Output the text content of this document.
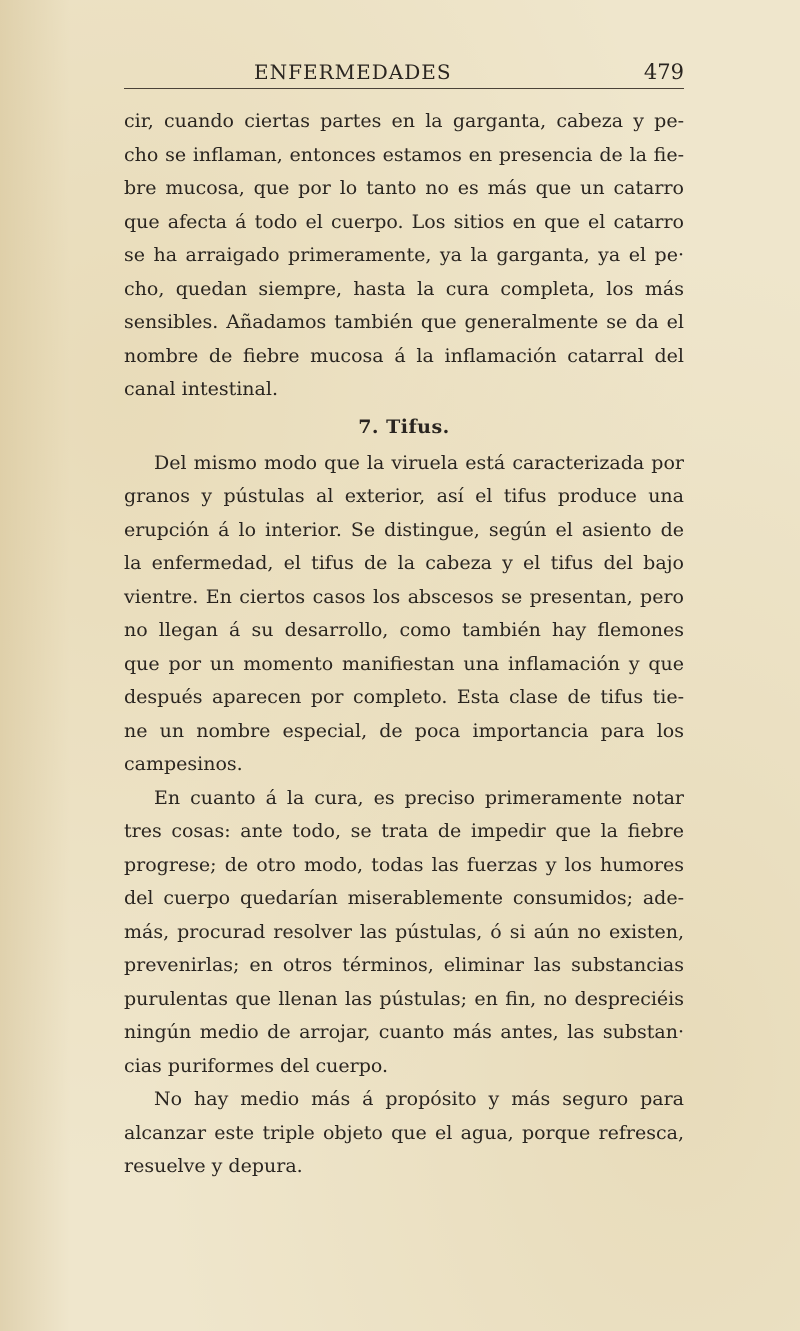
ENFERMEDADES	479
cir, cuando ciertas partes en la garganta, cabeza y pe-
cho se inflaman, entonces estamos en presencia de la fie-
bre mucosa, que por lo tanto no es más que un catarro
que afecta á todo el cuerpo. Los sitios en que el catarro
se ha arraigado primeramente, ya la garganta, ya el pe·
cho, quedan siempre, hasta la cura completa, los más
sensibles. Añadamos también que generalmente se da el
nombre de fiebre mucosa á la inflamación catarral del
canal intestinal.
7. Tifus.
Del mismo modo que la viruela está caracterizada por
granos y pústulas al exterior, así el tifus produce una
erupción á lo interior. Se distingue, según el asiento de
la enfermedad, el tifus de la cabeza y el tifus del bajo
vientre. En ciertos casos los abscesos se presentan, pero
no llegan á su desarrollo, como también hay flemones
que por un momento manifiestan una inflamación y que
después aparecen por completo. Esta clase de tifus tie-
ne un nombre especial, de poca importancia para los
campesinos.
En cuanto á la cura, es preciso primeramente notar
tres cosas: ante todo, se trata de impedir que la fiebre
progrese; de otro modo, todas las fuerzas y los humores
del cuerpo quedarían miserablemente consumidos; ade-
más, procurad resolver las pústulas, ó si aún no existen,
prevenirlas; en otros términos, eliminar las substancias
purulentas que llenan las pústulas; en fin, no despreciéis
ningún medio de arrojar, cuanto más antes, las substan·
cias puriformes del cuerpo.
No hay medio más á propósito y más seguro para
alcanzar este triple objeto que el agua, porque refresca,
resuelve y depura.
